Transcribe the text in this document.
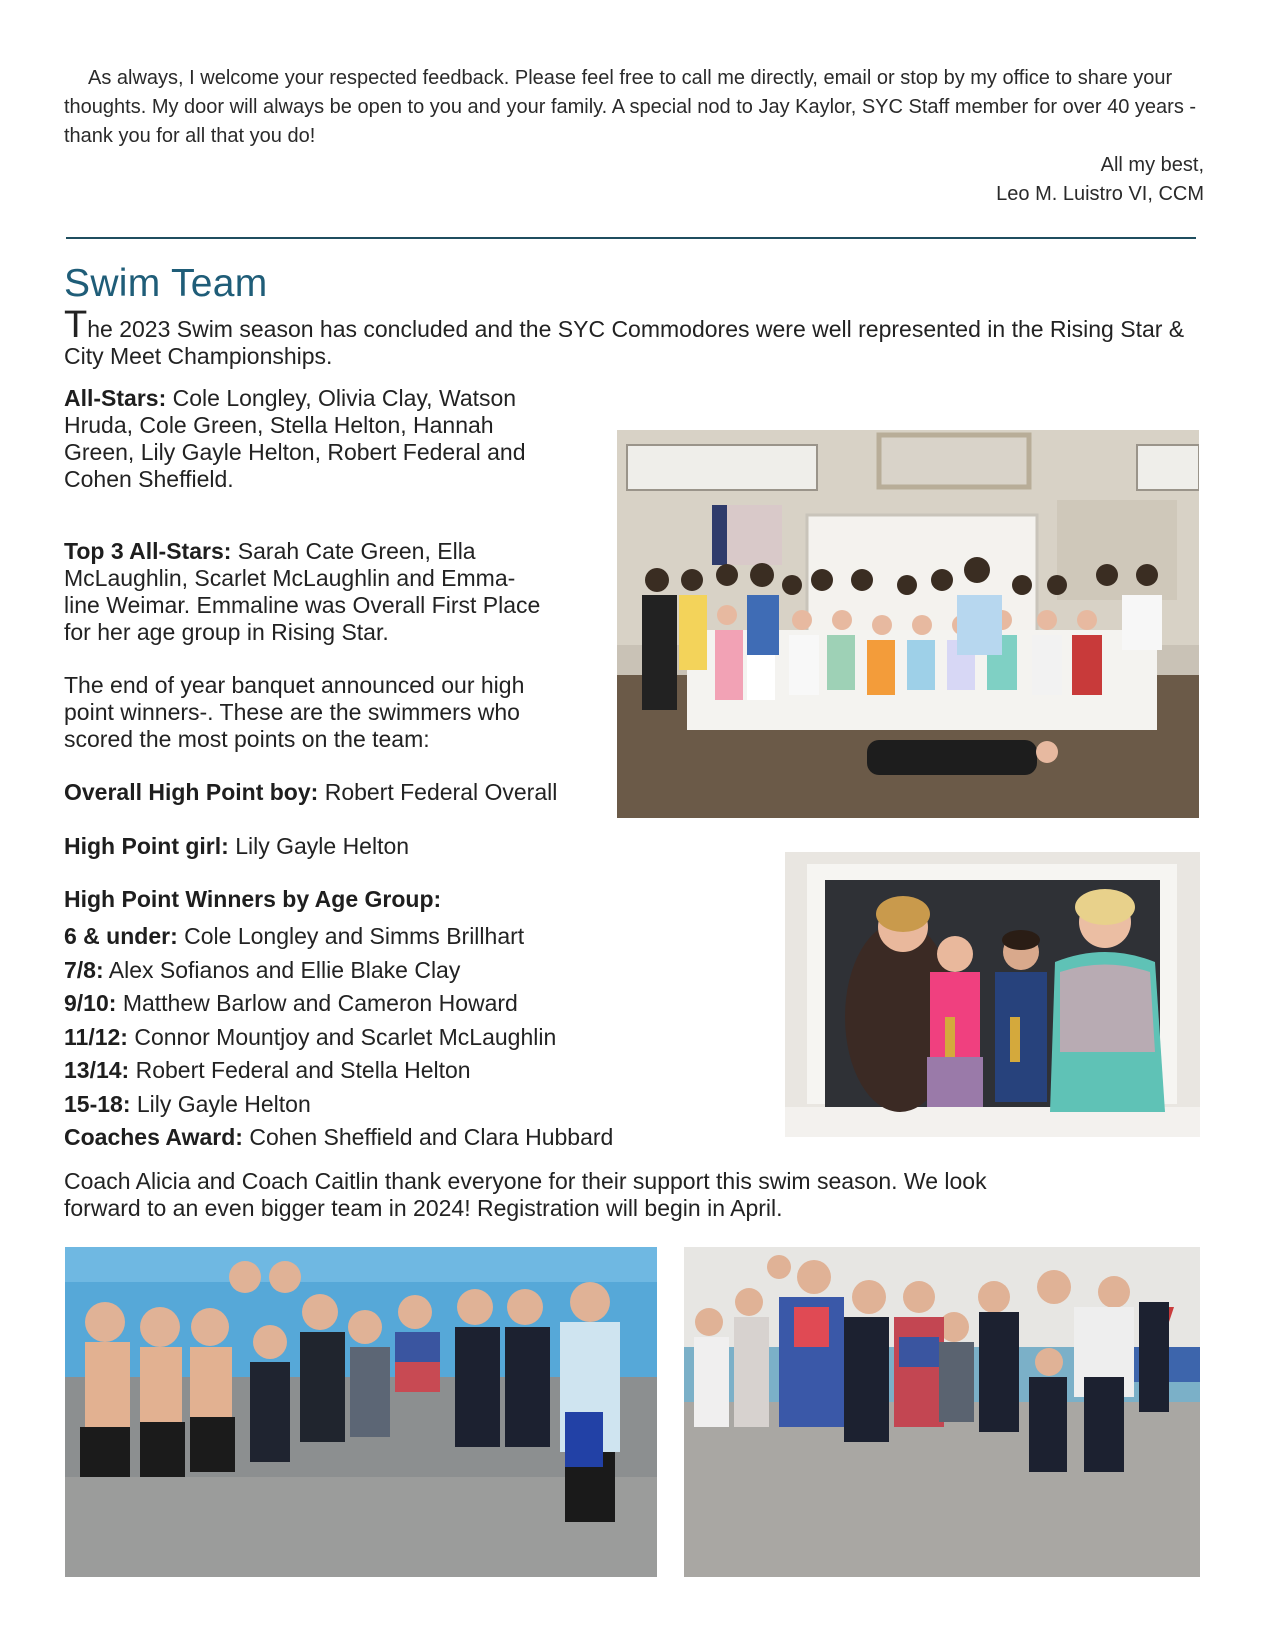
As always, I welcome your respected feedback. Please feel free to call me directly, email or stop by my office to share your thoughts. My door will always be open to you and your family. A special nod to Jay Kaylor, SYC Staff member for over 40 years - thank you for all that you do!

All my best,

Leo M. Luistro VI, CCM

Swim Team

The 2023 Swim season has concluded and the SYC Commodores were well represented in the Rising Star & City Meet Championships.

All-Stars: Cole Longley, Olivia Clay, Watson
Hruda, Cole Green, Stella Helton, Hannah
Green, Lily Gayle Helton, Robert Federal and
Cohen Sheffield.

Top 3 All-Stars: Sarah Cate Green, Ella
McLaughlin, Scarlet McLaughlin and Emma-
line Weimar. Emmaline was Overall First Place
for her age group in Rising Star.

The end of year banquet announced our high
point winners-. These are the swimmers who
scored the most points on the team:

Overall High Point boy: Robert Federal Overall

High Point girl: Lily Gayle Helton

High Point Winners by Age Group:

6 & under: Cole Longley and Simms Brillhart
7/8: Alex Sofianos and Ellie Blake Clay
9/10: Matthew Barlow and Cameron Howard
11/12: Connor Mountjoy and Scarlet McLaughlin
13/14: Robert Federal and Stella Helton
15-18: Lily Gayle Helton
Coaches Award: Cohen Sheffield and Clara Hubbard

Coach Alicia and Coach Caitlin thank everyone for their support this swim season. We look
forward to an even bigger team in 2024! Registration will begin in April.
